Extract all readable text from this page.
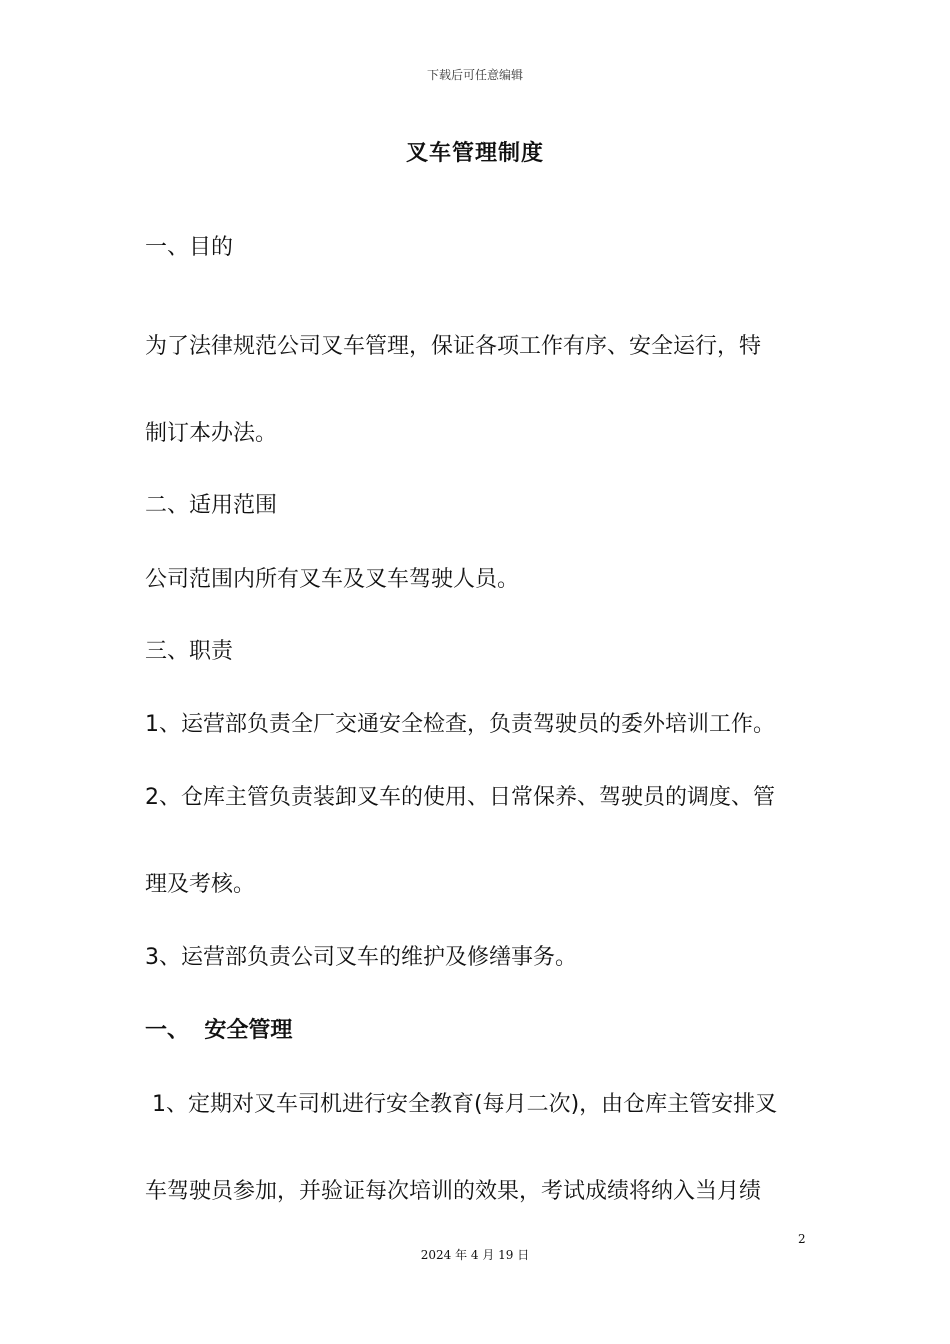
下载后可任意编辑
叉车管理制度
一、目的
为了法律规范公司叉车管理，保证各项工作有序、安全运行，特
制订本办法。
二、适用范围
公司范围内所有叉车及叉车驾驶人员。
三、职责
1、运营部负责全厂交通安全检查，负责驾驶员的委外培训工作。
2、仓库主管负责装卸叉车的使用、日常保养、驾驶员的调度、管
理及考核。
3、运营部负责公司叉车的维护及修缮事务。
一、  安全管理
1、定期对叉车司机进行安全教育(每月二次)，由仓库主管安排叉
车驾驶员参加，并验证每次培训的效果，考试成绩将纳入当月绩
2
2024 年 4 月 19 日
